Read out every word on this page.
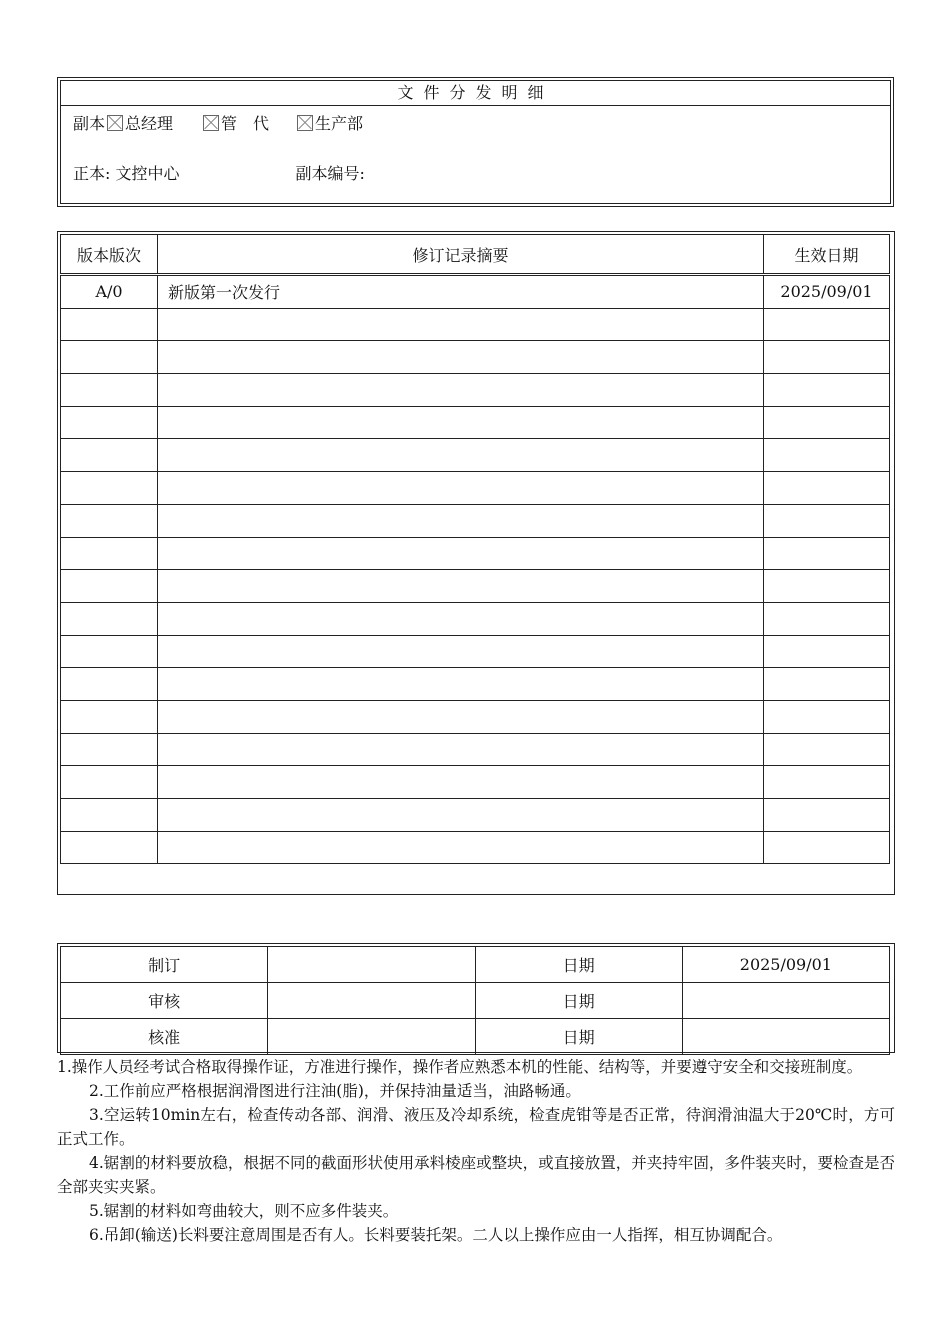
文件分发明细
副本 总经理	管　代	生产部
正本: 文控中心	副本编号:
版本版次	修订记录摘要	生效日期
A/0	新版第一次发行	2025/09/01

制订		日期	2025/09/01
审核		日期	
核准		日期	

1.操作人员经考试合格取得操作证，方准进行操作，操作者应熟悉本机的性能、结构等，并要遵守安全和交接班制度。

2.工作前应严格根据润滑图进行注油(脂)，并保持油量适当，油路畅通。

3.空运转10min左右，检查传动各部、润滑、液压及冷却系统，检查虎钳等是否正常，待润滑油温大于20℃时，方可正式工作。

4.锯割的材料要放稳，根据不同的截面形状使用承料棱座或整块，或直接放置，并夹持牢固，多件装夹时，要检查是否全部夹实夹紧。

5.锯割的材料如弯曲较大，则不应多件装夹。

6.吊卸(输送)长料要注意周围是否有人。长料要装托架。二人以上操作应由一人指挥，相互协调配合。
